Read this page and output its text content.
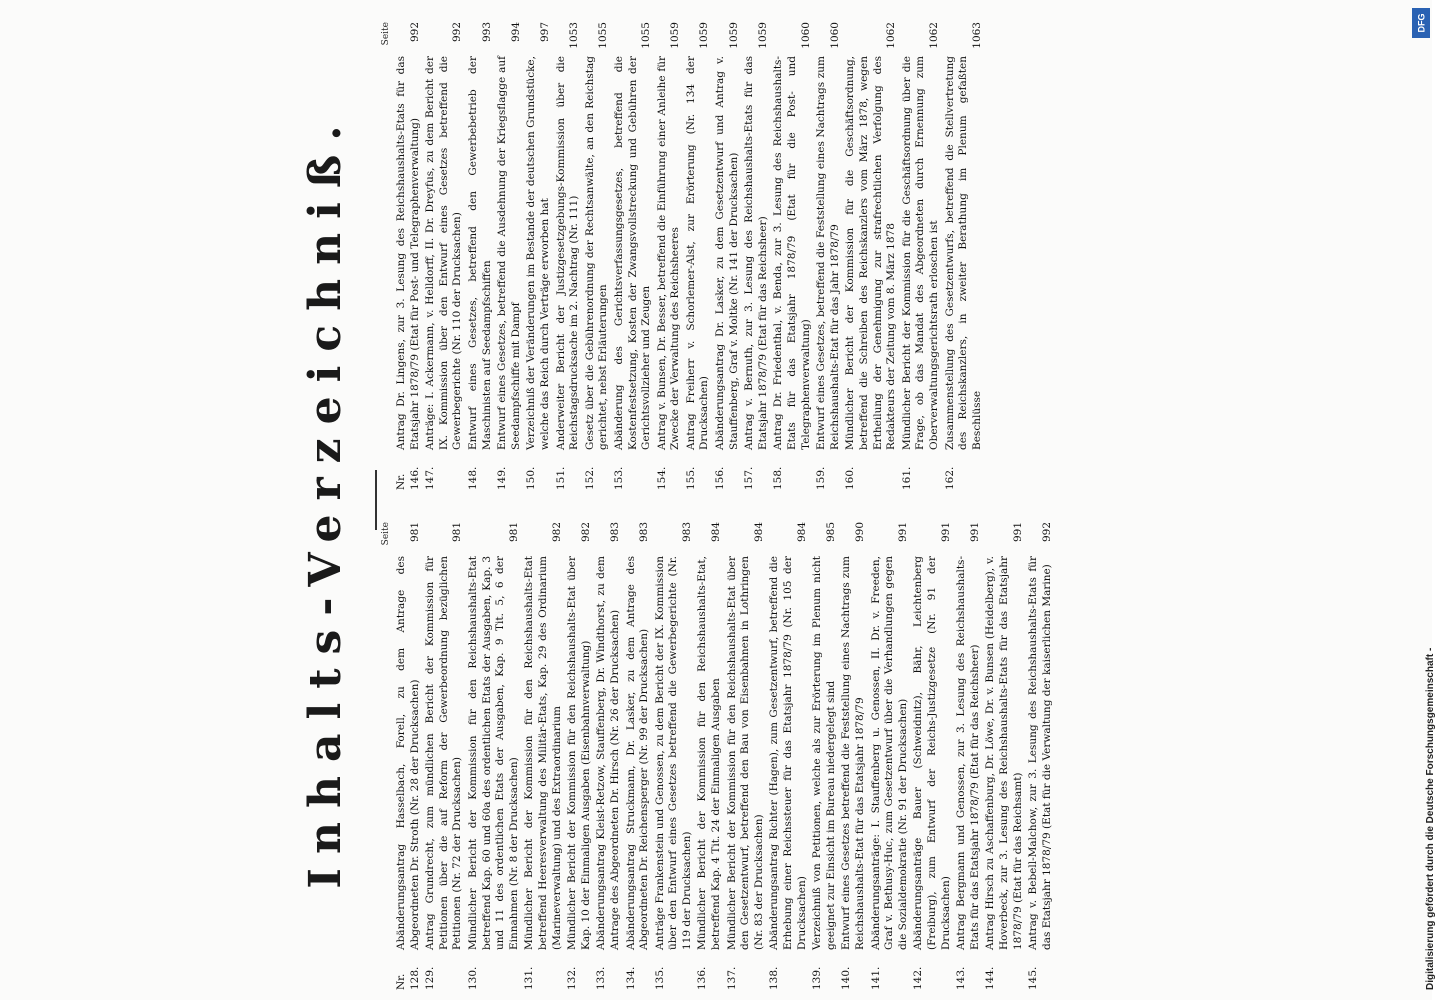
Inhalts-Verzeichniß.	Seite
Nr. 128.
Abänderungsantrag Hasselbach, Forell, zu dem Antrage des Abgeordneten Dr. Stroth (Nr. 28 der Drucksachen)
981
129.
Antrag Grundrecht, zum mündlichen Bericht der Kommission für Petitionen über die auf Reform der Gewerbeordnung bezüglichen Petitionen (Nr. 72 der Drucksachen)
981
130.
Mündlicher Bericht der Kommission für den Reichshaushalts-Etat betreffend Kap. 60 und 60a des ordentlichen Etats der Ausgaben, Kap. 3 und 11 des ordentlichen Etats der Ausgaben, Kap. 9 Tit. 5, 6 der Einnahmen (Nr. 8 der Drucksachen)
981
131.
Mündlicher Bericht der Kommission für den Reichshaushalts-Etat betreffend Heeresverwaltung des Militär-Etats, Kap. 29 des Ordinarium (Marineverwaltung) und des Extraordinarium
982
132.
Mündlicher Bericht der Kommission für den Reichshaushalts-Etat über Kap. 10 der Einmaligen Ausgaben (Eisenbahnverwaltung)
982
133.
Abänderungsantrag Kleist-Retzow, Stauffenberg, Dr. Windthorst, zu dem Antrage des Abgeordneten Dr. Hirsch (Nr. 26 der Drucksachen)
983
134.
Abänderungsantrag Struckmann, Dr. Lasker, zu dem Antrage des Abgeordneten Dr. Reichensperger (Nr. 99 der Drucksachen)
983
135.
Anträge Frankenstein und Genossen, zu dem Bericht der IX. Kommission über den Entwurf eines Gesetzes betreffend die Gewerbegerichte (Nr. 119 der Drucksachen)
983
136.
Mündlicher Bericht der Kommission für den Reichshaushalts-Etat, betreffend Kap. 4 Tit. 24 der Einmaligen Ausgaben
984
137.
Mündlicher Bericht der Kommission für den Reichshaushalts-Etat über den Gesetzentwurf, betreffend den Bau von Eisenbahnen in Lothringen (Nr. 83 der Drucksachen)
984
138.
Abänderungsantrag Richter (Hagen), zum Gesetzentwurf, betreffend die Erhebung einer Reichssteuer für das Etatsjahr 1878/79 (Nr. 105 der Drucksachen)
984
139.
Verzeichniß von Petitionen, welche als zur Erörterung im Plenum nicht geeignet zur Einsicht im Bureau niedergelegt sind
985
140.
Entwurf eines Gesetzes betreffend die Feststellung eines Nachtrags zum Reichshaushalts-Etat für das Etatsjahr 1878/79
990
141.
Abänderungsanträge: I. Stauffenberg u. Genossen, II. Dr. v. Freeden, Graf v. Bethusy-Huc, zum Gesetzentwurf über die Verhandlungen gegen die Sozialdemokratie (Nr. 91 der Drucksachen)
991
142.
Abänderungsanträge Bauer (Schweidnitz), Bähr, Leichtenberg (Freiburg), zum Entwurf der Reichs-Justizgesetze (Nr. 91 der Drucksachen)
991
143.
Antrag Bergmann und Genossen, zur 3. Lesung des Reichshaushalts-Etats für das Etatsjahr 1878/79 (Etat für das Reichsheer)
991
144.
Antrag Hirsch zu Aschaffenburg, Dr. Löwe, Dr. v. Bunsen (Heidelberg), v. Hoverbeck, zur 3. Lesung des Reichshaushalts-Etats für das Etatsjahr 1878/79 (Etat für das Reichsamt)
991
145.
Antrag v. Bebell-Malchow, zur 3. Lesung des Reichshaushalts-Etats für das Etatsjahr 1878/79 (Etat für die Verwaltung der kaiserlichen Marine)
992
Seite
Nr. 146.
Antrag Dr. Lingens, zur 3. Lesung des Reichshaushalts-Etats für das Etatsjahr 1878/79 (Etat für Post- und Telegraphenverwaltung)
992
147.
Anträge: I. Ackermann, v. Helldorff, II. Dr. Dreyfus, zu dem Bericht der IX. Kommission über den Entwurf eines Gesetzes betreffend die Gewerbegerichte (Nr. 110 der Drucksachen)
992
148.
Entwurf eines Gesetzes, betreffend den Gewerbebetrieb der Maschinisten auf Seedampfschiffen
993
149.
Entwurf eines Gesetzes, betreffend die Ausdehnung der Kriegsflagge auf Seedampfschiffe mit Dampf
994
150.
Verzeichniß der Veränderungen im Bestande der deutschen Grundstücke, welche das Reich durch Verträge erworben hat
997
151.
Anderweiter Bericht der Justizgesetzgebungs-Kommission über die Reichstagsdrucksache im 2. Nachtrag (Nr. 111)
1053
152.
Gesetz über die Gebührenordnung der Rechtsanwälte, an den Reichstag gerichtet, nebst Erläuterungen
1055
153.
Abänderung des Gerichtsverfassungsgesetzes, betreffend die Kostenfestsetzung, Kosten der Zwangsvollstreckung und Gebühren der Gerichtsvollzieher und Zeugen
1055
154.
Antrag v. Bunsen, Dr. Besser, betreffend die Einführung einer Anleihe für Zwecke der Verwaltung des Reichsheeres
1059
155.
Antrag Freiherr v. Schorlemer-Alst, zur Erörterung (Nr. 134 der Drucksachen)
1059
156.
Abänderungsantrag Dr. Lasker, zu dem Gesetzentwurf und Antrag v. Stauffenberg, Graf v. Moltke (Nr. 141 der Drucksachen)
1059
157.
Antrag v. Bernuth, zur 3. Lesung des Reichshaushalts-Etats für das Etatsjahr 1878/79 (Etat für das Reichsheer)
1059
158.
Antrag Dr. Friedenthal, v. Benda, zur 3. Lesung des Reichshaushalts-Etats für das Etatsjahr 1878/79 (Etat für die Post- und Telegraphenverwaltung)
1060
159.
Entwurf eines Gesetzes, betreffend die Feststellung eines Nachtrags zum Reichshaushalts-Etat für das Jahr 1878/79
1060
160.
Mündlicher Bericht der Kommission für die Geschäftsordnung, betreffend die Schreiben des Reichskanzlers vom März 1878, wegen Ertheilung der Genehmigung zur strafrechtlichen Verfolgung des Redakteurs der Zeitung vom 8. März 1878
1062
161.
Mündlicher Bericht der Kommission für die Geschäftsordnung über die Frage, ob das Mandat des Abgeordneten durch Ernennung zum Oberverwaltungsgerichtsrath erloschen ist
1062
162.
Zusammenstellung des Gesetzentwurfs, betreffend die Stellvertretung des Reichskanzlers, in zweiter Berathung im Plenum gefaßten Beschlüsse
1063	DFG
Digitalisierung gefördert durch die Deutsche Forschungsgemeinschaft -
